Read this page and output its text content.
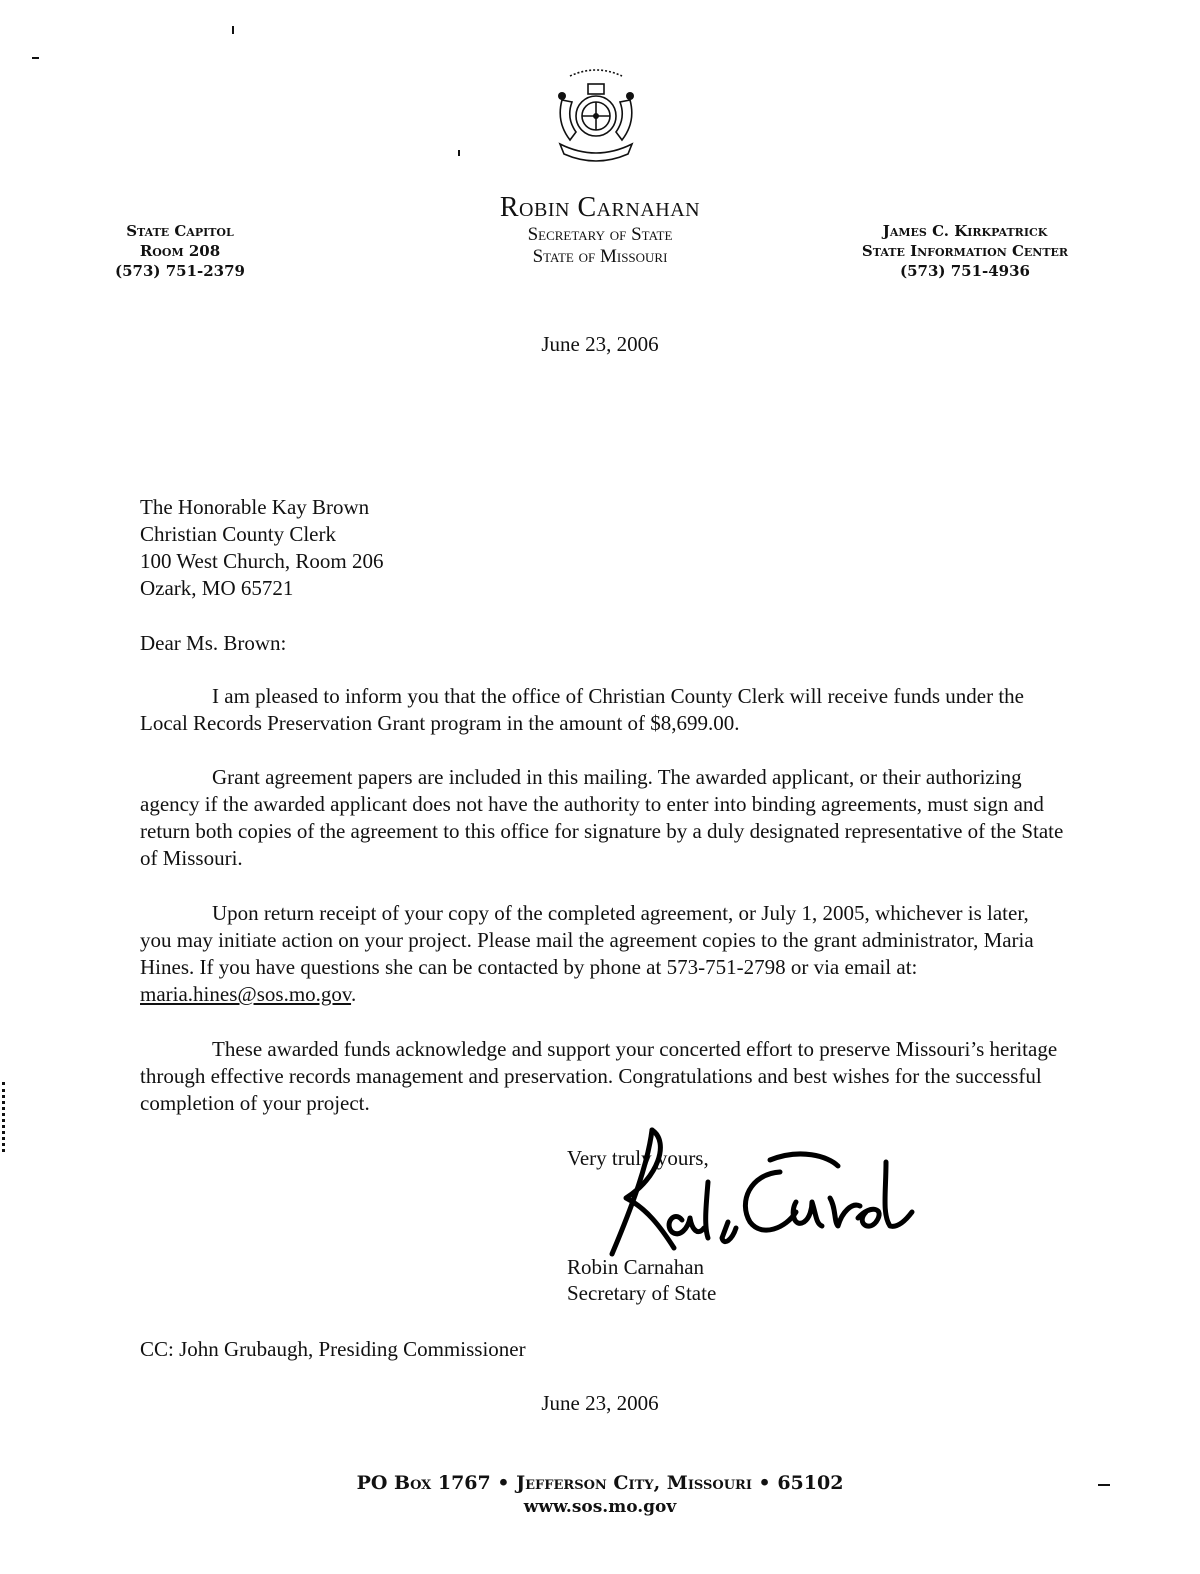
Robin Carnahan
Secretary of State
State of Missouri
State Capitol
Room 208
(573) 751-2379
James C. Kirkpatrick
State Information Center
(573) 751-4936
June 23, 2006
The Honorable Kay Brown
Christian County Clerk
100 West Church, Room 206
Ozark, MO 65721
Dear Ms. Brown:
I am pleased to inform you that the office of Christian County Clerk will receive funds under the Local Records Preservation Grant program in the amount of $8,699.00.
Grant agreement papers are included in this mailing. The awarded applicant, or their authorizing agency if the awarded applicant does not have the authority to enter into binding agreements, must sign and return both copies of the agreement to this office for signature by a duly designated representative of the State of Missouri.
Upon return receipt of your copy of the completed agreement, or July 1, 2005, whichever is later, you may initiate action on your project. Please mail the agreement copies to the grant administrator, Maria Hines. If you have questions she can be contacted by phone at 573-751-2798 or via email at: maria.hines@sos.mo.gov.
These awarded funds acknowledge and support your concerted effort to preserve Missouri’s heritage through effective records management and preservation. Congratulations and best wishes for the successful completion of your project.
Very truly yours,
Robin Carnahan
Secretary of State
CC: John Grubaugh, Presiding Commissioner
June 23, 2006
PO Box 1767 • Jefferson City, Missouri • 65102
www.sos.mo.gov
